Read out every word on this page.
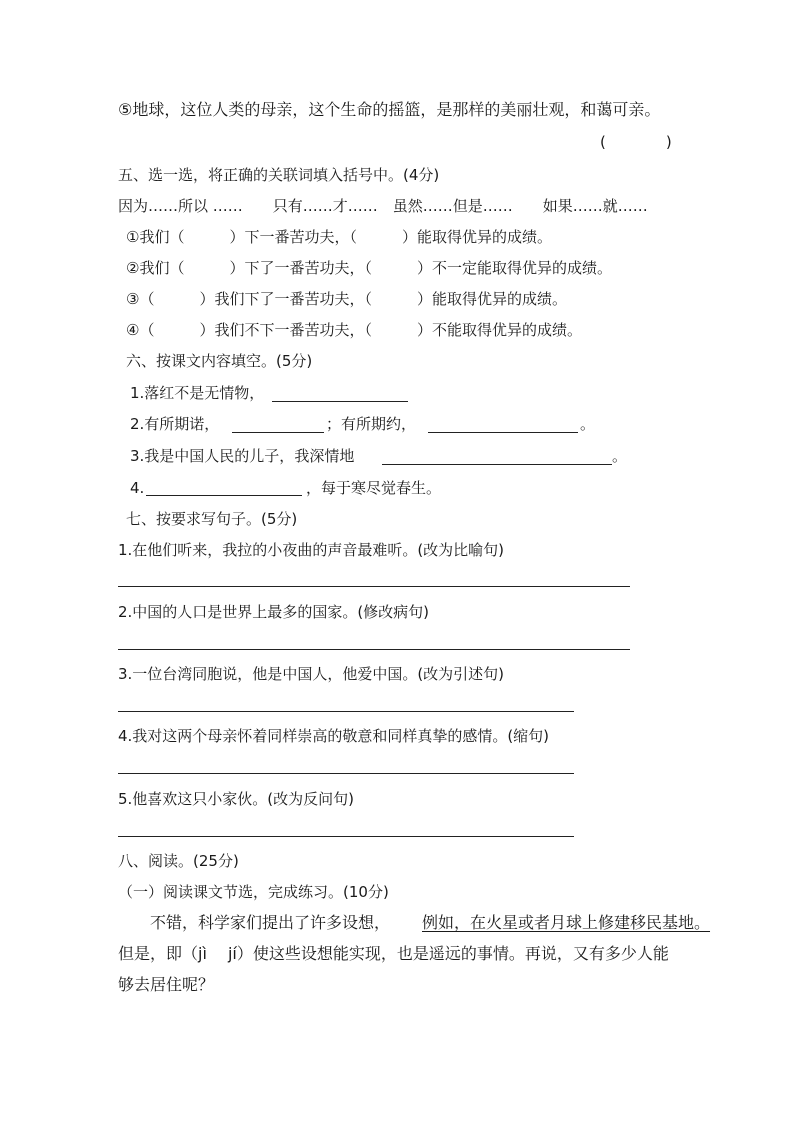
⑤地球，这位人类的母亲，这个生命的摇篮，是那样的美丽壮观，和蔼可亲。
(　　　　)
五、选一选，将正确的关联词填入括号中。(4分)
因为……所以 ……　　只有……才……　虽然……但是……　　如果……就……
①我们（　　　）下一番苦功夫，（　　　）能取得优异的成绩。
②我们（　　　）下了一番苦功夫，（　　　）不一定能取得优异的成绩。
③（　　　）我们下了一番苦功夫，（　　　）能取得优异的成绩。
④（　　　）我们不下一番苦功夫，（　　　）不能取得优异的成绩。
六、按课文内容填空。(5分)
1.落红不是无情物，
2.有所期诺，	；有所期约，	。
3.我是中国人民的儿子，我深情地	。
4.	，每于寒尽觉春生。
七、按要求写句子。(5分)
1.在他们听来，我拉的小夜曲的声音最难听。(改为比喻句)
2.中国的人口是世界上最多的国家。(修改病句)
3.一位台湾同胞说，他是中国人，他爱中国。(改为引述句)
4.我对这两个母亲怀着同样崇高的敬意和同样真挚的感情。(缩句)
5.他喜欢这只小家伙。(改为反问句)
八、阅读。(25分)
（一）阅读课文节选，完成练习。(10分)
不错，科学家们提出了许多设想， 例如，在火星或者月球上修建移民基地。
但是，即（jì　 jí）使这些设想能实现，也是遥远的事情。再说，又有多少人能
够去居住呢？
